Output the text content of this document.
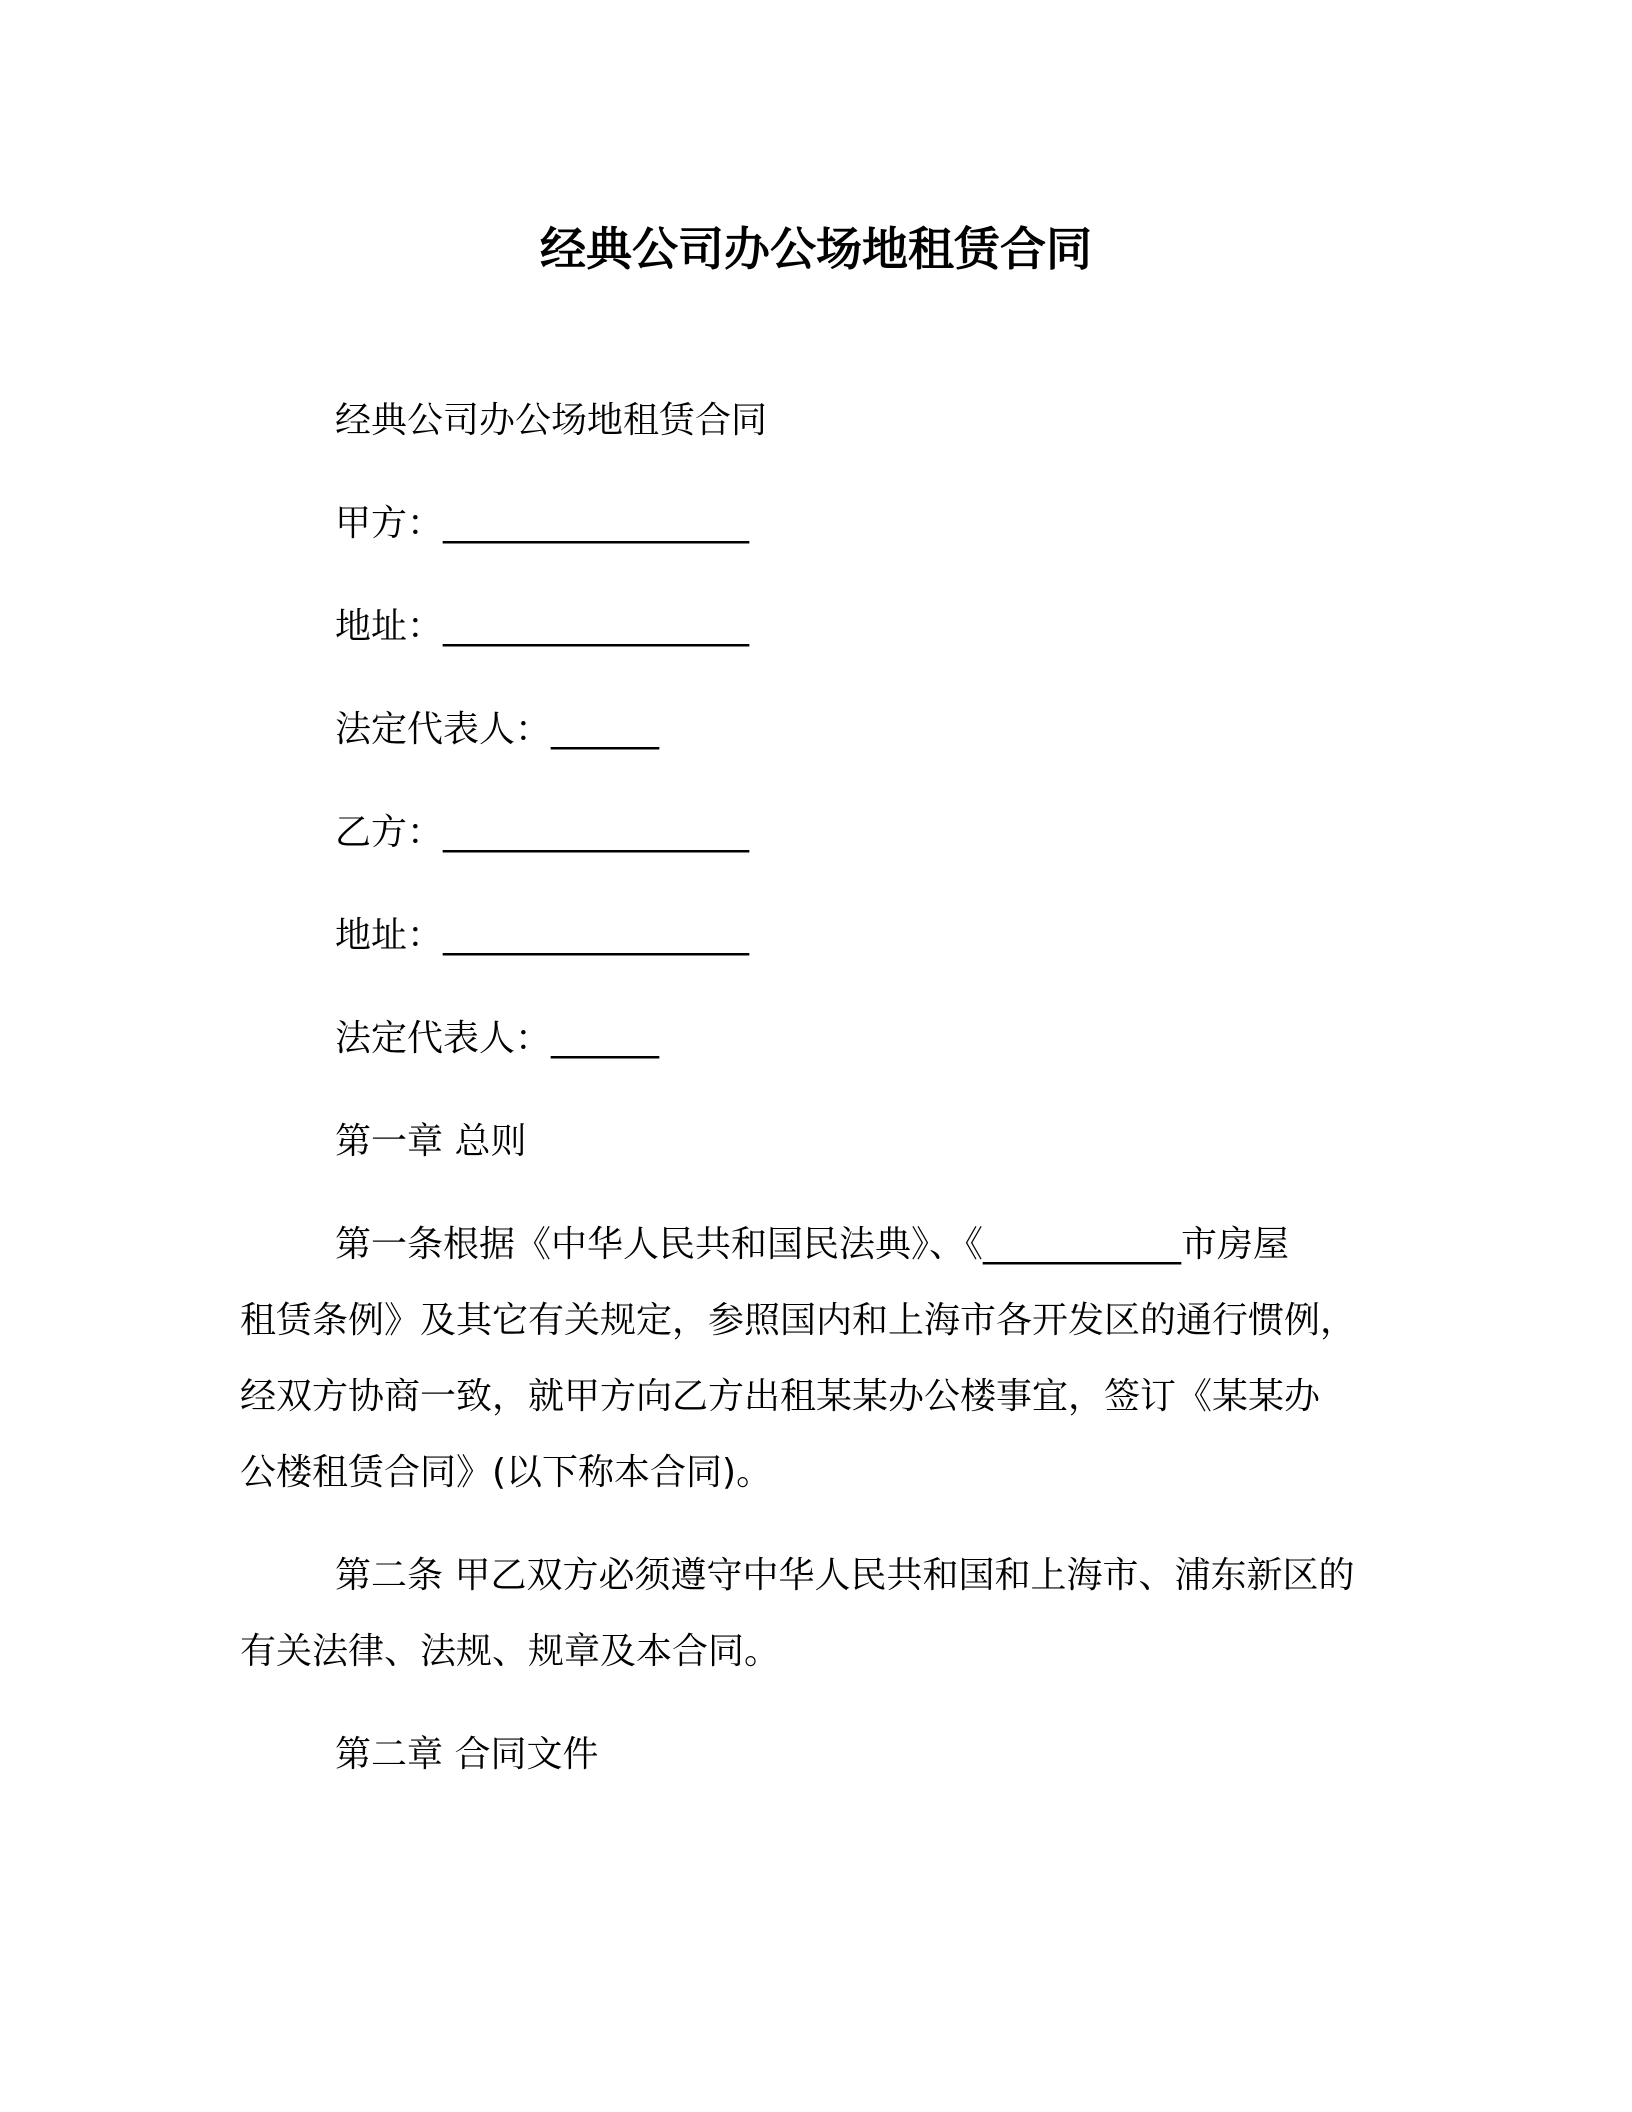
经典公司办公场地租赁合同
经典公司办公场地租赁合同
甲方：_________________
地址：_________________
法定代表人：______
乙方：_________________
地址：_________________
法定代表人：______
第一章 总则
第一条根据《中华人民共和国民法典》、《___________市房屋
租赁条例》及其它有关规定，参照国内和上海市各开发区的通行惯例，
经双方协商一致，就甲方向乙方出租某某办公楼事宜，签订《某某办
公楼租赁合同》(以下称本合同)。
第二条 甲乙双方必须遵守中华人民共和国和上海市、浦东新区的
有关法律、法规、规章及本合同。
第二章 合同文件
